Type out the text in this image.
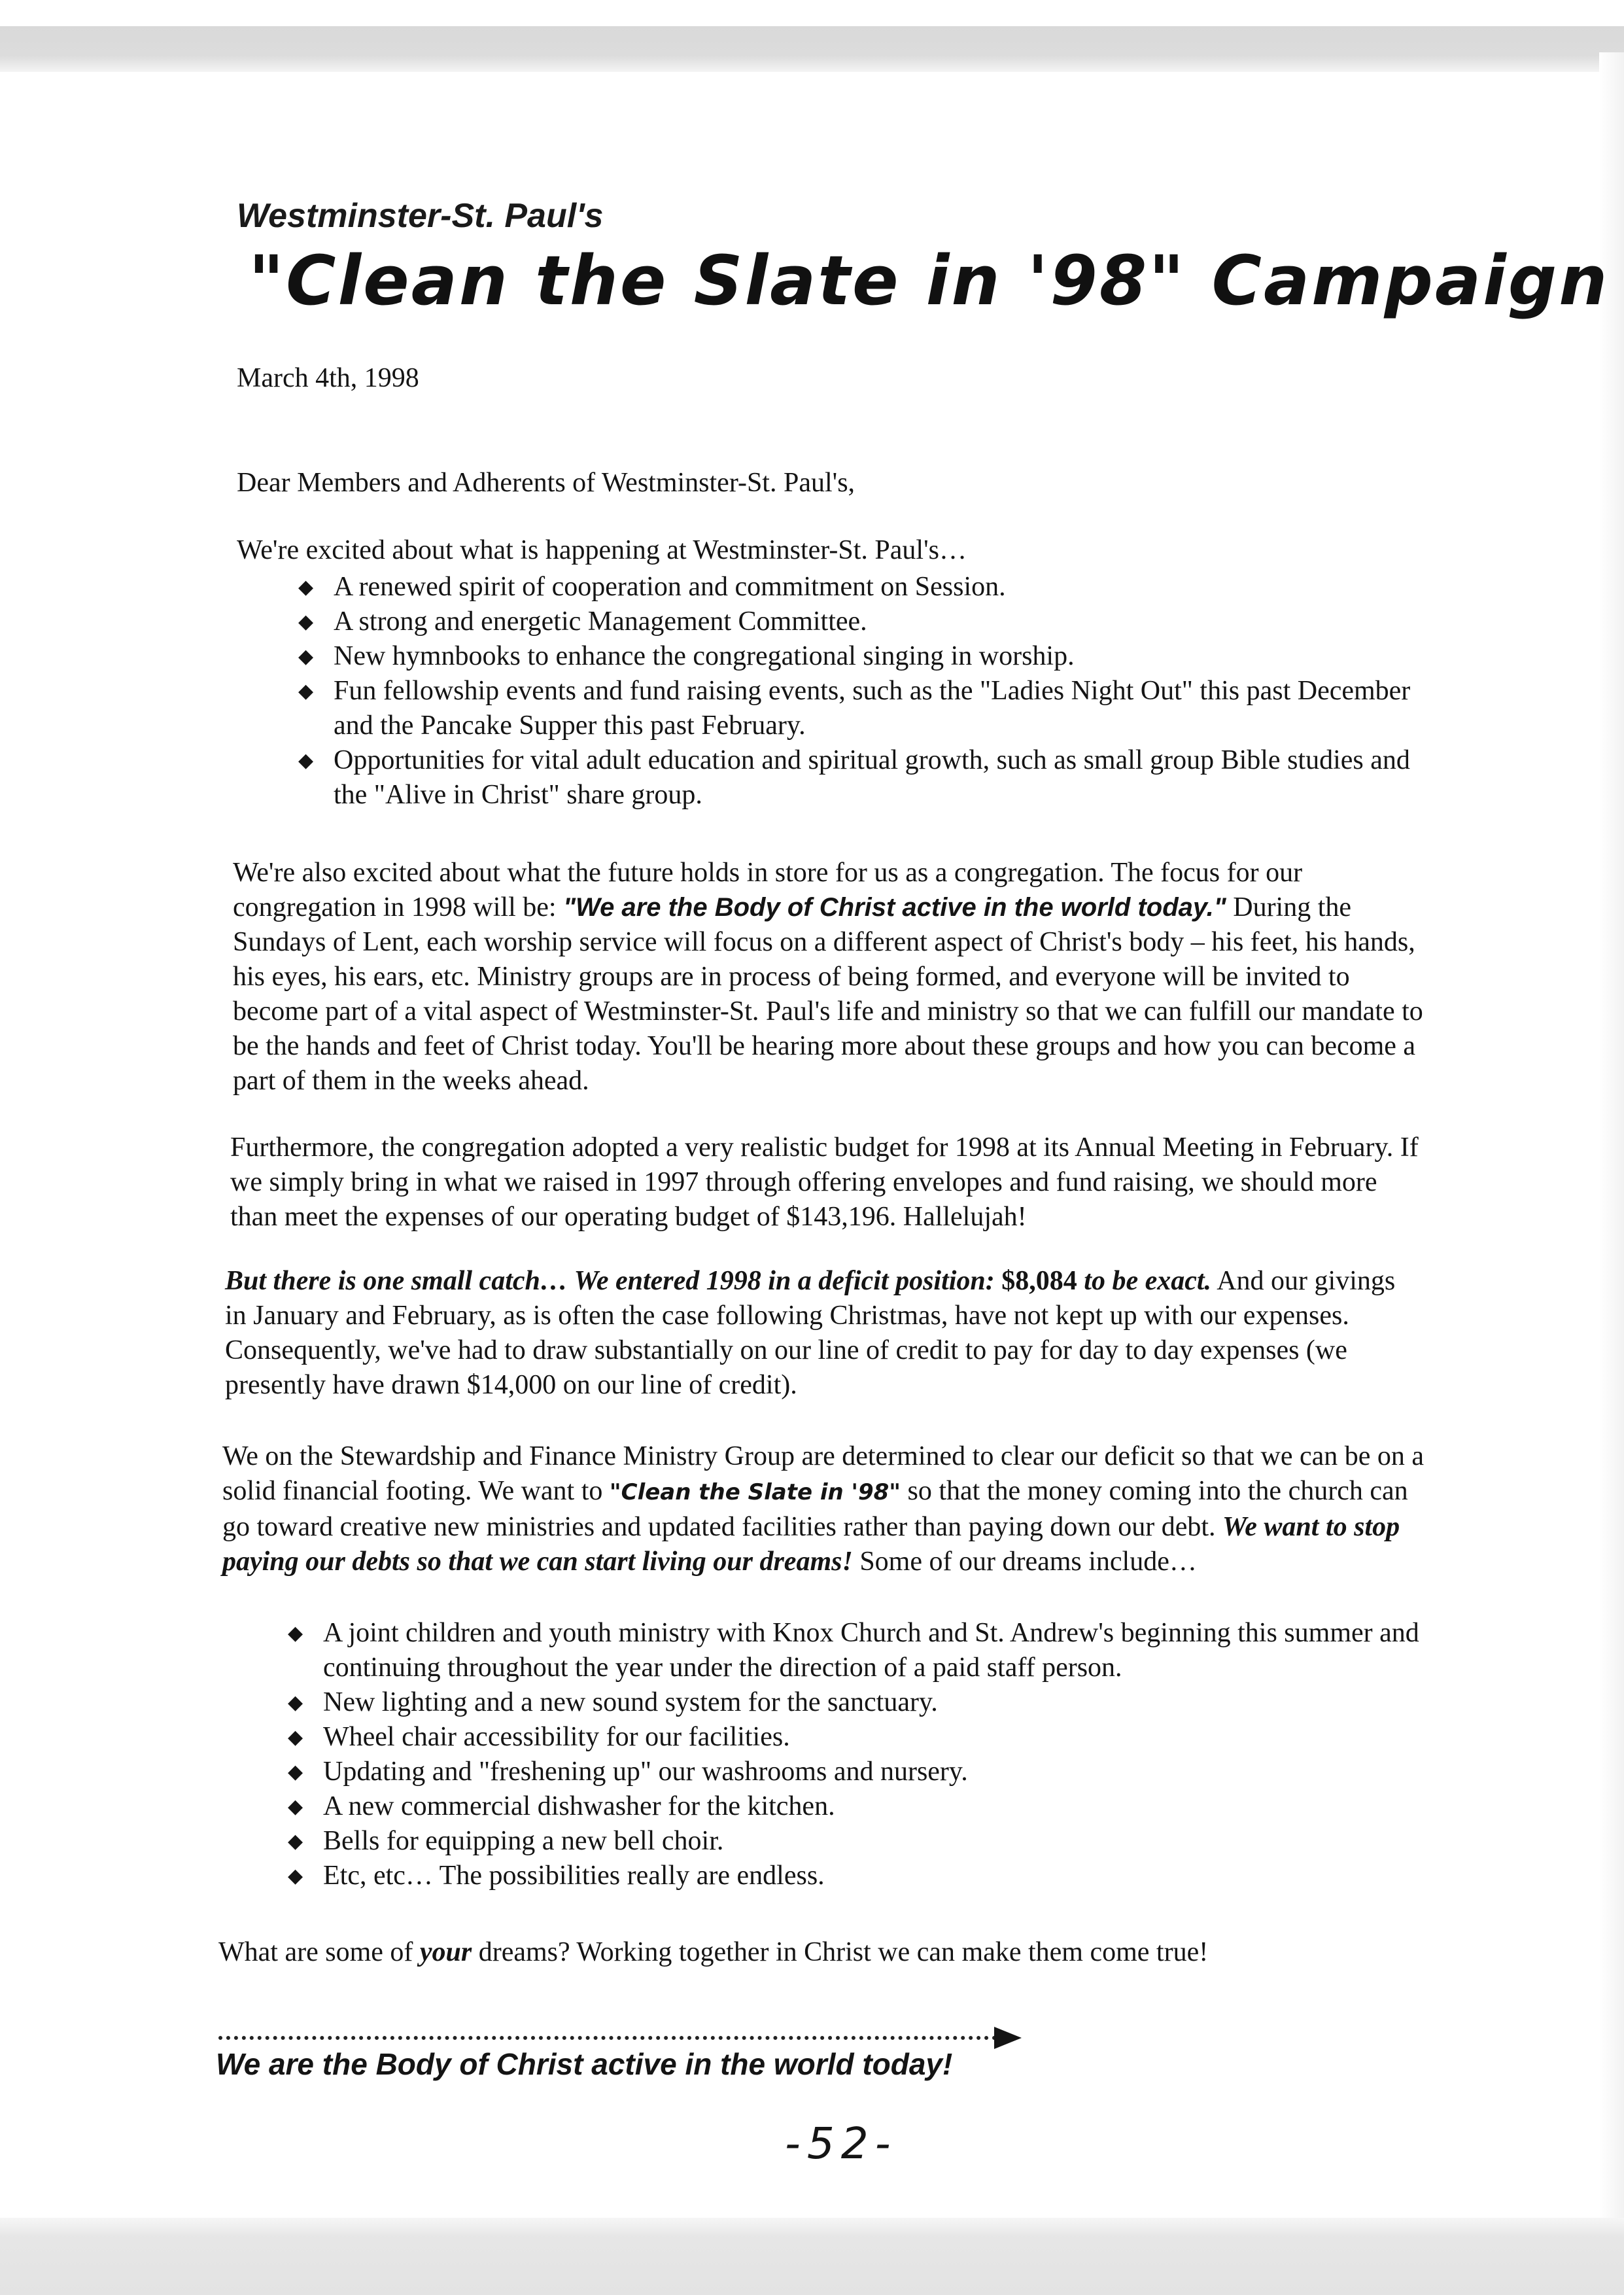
Westminster-St. Paul's
"Clean the Slate in '98" Campaign
March 4th, 1998
Dear Members and Adherents of Westminster-St. Paul's,
We're excited about what is happening at Westminster-St. Paul's…
◆ A renewed spirit of cooperation and commitment on Session.
◆ A strong and energetic Management Committee.
◆ New hymnbooks to enhance the congregational singing in worship.
◆ Fun fellowship events and fund raising events, such as the "Ladies Night Out" this past December and the Pancake Supper this past February.
◆ Opportunities for vital adult education and spiritual growth, such as small group Bible studies and the "Alive in Christ" share group.

We're also excited about what the future holds in store for us as a congregation. The focus for our congregation in 1998 will be: "We are the Body of Christ active in the world today." During the Sundays of Lent, each worship service will focus on a different aspect of Christ's body – his feet, his hands, his eyes, his ears, etc. Ministry groups are in process of being formed, and everyone will be invited to become part of a vital aspect of Westminster-St. Paul's life and ministry so that we can fulfill our mandate to be the hands and feet of Christ today. You'll be hearing more about these groups and how you can become a part of them in the weeks ahead.

Furthermore, the congregation adopted a very realistic budget for 1998 at its Annual Meeting in February. If we simply bring in what we raised in 1997 through offering envelopes and fund raising, we should more than meet the expenses of our operating budget of $143,196. Hallelujah!

But there is one small catch… We entered 1998 in a deficit position: $8,084 to be exact. And our givings in January and February, as is often the case following Christmas, have not kept up with our expenses. Consequently, we've had to draw substantially on our line of credit to pay for day to day expenses (we presently have drawn $14,000 on our line of credit).

We on the Stewardship and Finance Ministry Group are determined to clear our deficit so that we can be on a solid financial footing. We want to "Clean the Slate in '98" so that the money coming into the church can go toward creative new ministries and updated facilities rather than paying down our debt. We want to stop paying our debts so that we can start living our dreams! Some of our dreams include…

◆ A joint children and youth ministry with Knox Church and St. Andrew's beginning this summer and continuing throughout the year under the direction of a paid staff person.
◆ New lighting and a new sound system for the sanctuary.
◆ Wheel chair accessibility for our facilities.
◆ Updating and "freshening up" our washrooms and nursery.
◆ A new commercial dishwasher for the kitchen.
◆ Bells for equipping a new bell choir.
◆ Etc, etc… The possibilities really are endless.

What are some of your dreams? Working together in Christ we can make them come true!

We are the Body of Christ active in the world today!
-52-
